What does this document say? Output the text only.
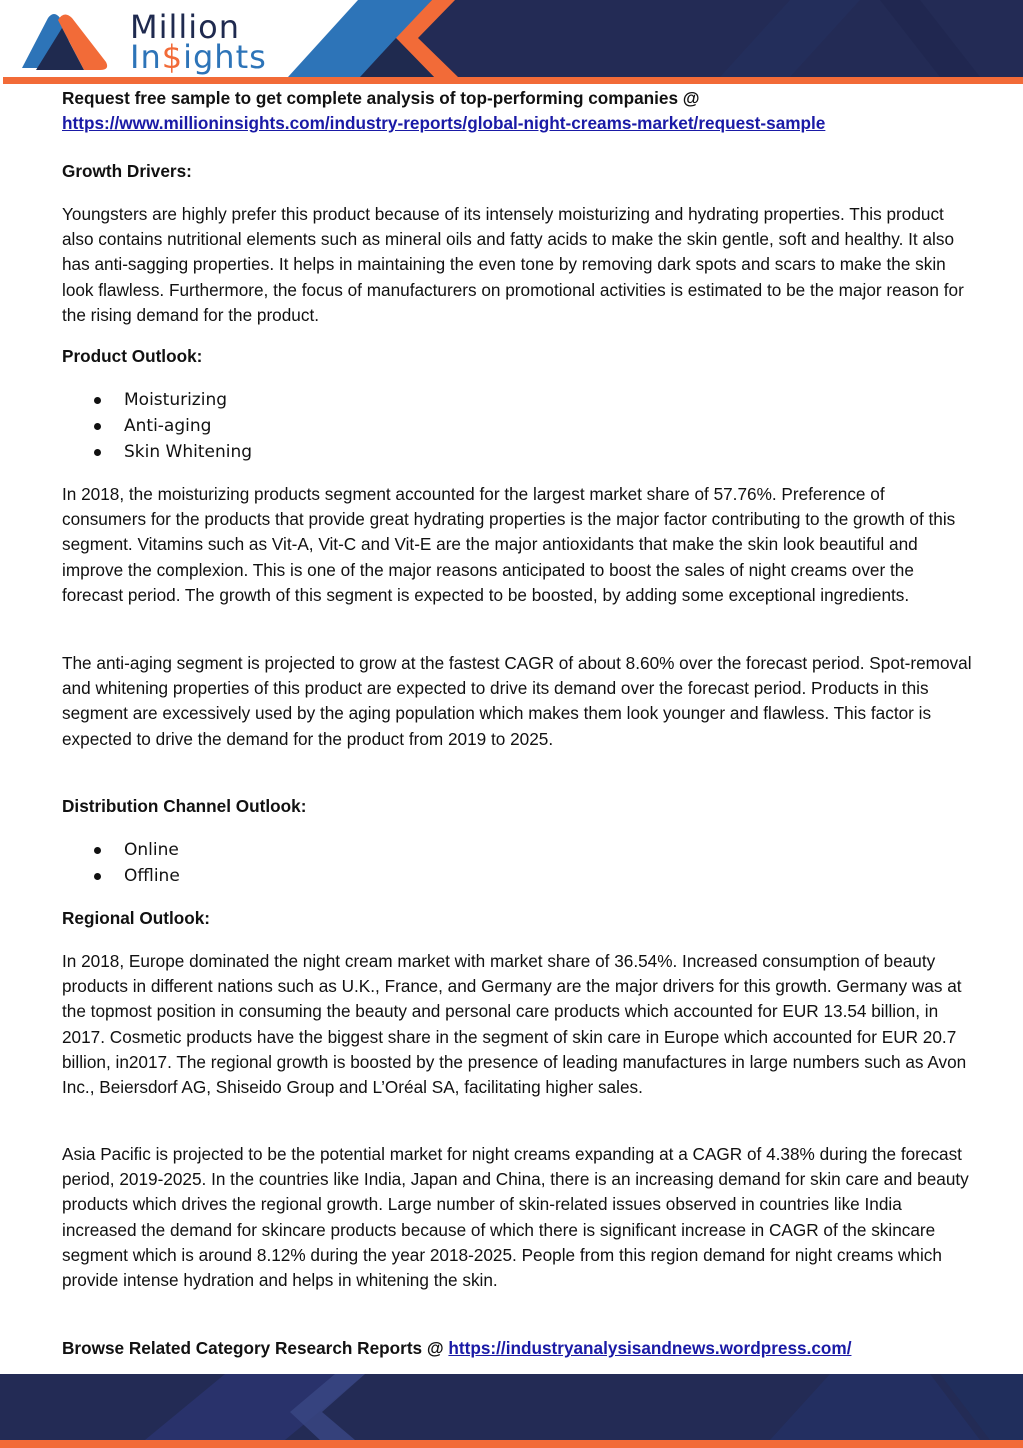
Million
In$ights

Request free sample to get complete analysis of top-performing companies @

https://www.millioninsights.com/industry-reports/global-night-creams-market/request-sample

Growth Drivers:

Youngsters are highly prefer this product because of its intensely moisturizing and hydrating properties. This product also contains nutritional elements such as mineral oils and fatty acids to make the skin gentle, soft and healthy. It also has anti-sagging properties. It helps in maintaining the even tone by removing dark spots and scars to make the skin look flawless. Furthermore, the focus of manufacturers on promotional activities is estimated to be the major reason for the rising demand for the product.

Product Outlook:

Moisturizing
Anti-aging
Skin Whitening

In 2018, the moisturizing products segment accounted for the largest market share of 57.76%. Preference of consumers for the products that provide great hydrating properties is the major factor contributing to the growth of this segment. Vitamins such as Vit-A, Vit-C and Vit-E are the major antioxidants that make the skin look beautiful and improve the complexion. This is one of the major reasons anticipated to boost the sales of night creams over the forecast period. The growth of this segment is expected to be boosted, by adding some exceptional ingredients.

The anti-aging segment is projected to grow at the fastest CAGR of about 8.60% over the forecast period. Spot-removal and whitening properties of this product are expected to drive its demand over the forecast period. Products in this segment are excessively used by the aging population which makes them look younger and flawless. This factor is expected to drive the demand for the product from 2019 to 2025.

Distribution Channel Outlook:

Online
Offline

Regional Outlook:

In 2018, Europe dominated the night cream market with market share of 36.54%. Increased consumption of beauty products in different nations such as U.K., France, and Germany are the major drivers for this growth. Germany was at the topmost position in consuming the beauty and personal care products which accounted for EUR 13.54 billion, in 2017. Cosmetic products have the biggest share in the segment of skin care in Europe which accounted for EUR 20.7 billion, in2017. The regional growth is boosted by the presence of leading manufactures in large numbers such as Avon Inc., Beiersdorf AG, Shiseido Group and L’Oréal SA, facilitating higher sales.

Asia Pacific is projected to be the potential market for night creams expanding at a CAGR of 4.38% during the forecast period, 2019-2025. In the countries like India, Japan and China, there is an increasing demand for skin care and beauty products which drives the regional growth. Large number of skin-related issues observed in countries like India increased the demand for skincare products because of which there is significant increase in CAGR of the skincare segment which is around 8.12% during the year 2018-2025. People from this region demand for night creams which provide intense hydration and helps in whitening the skin.

Browse Related Category Research Reports @ https://industryanalysisandnews.wordpress.com/
